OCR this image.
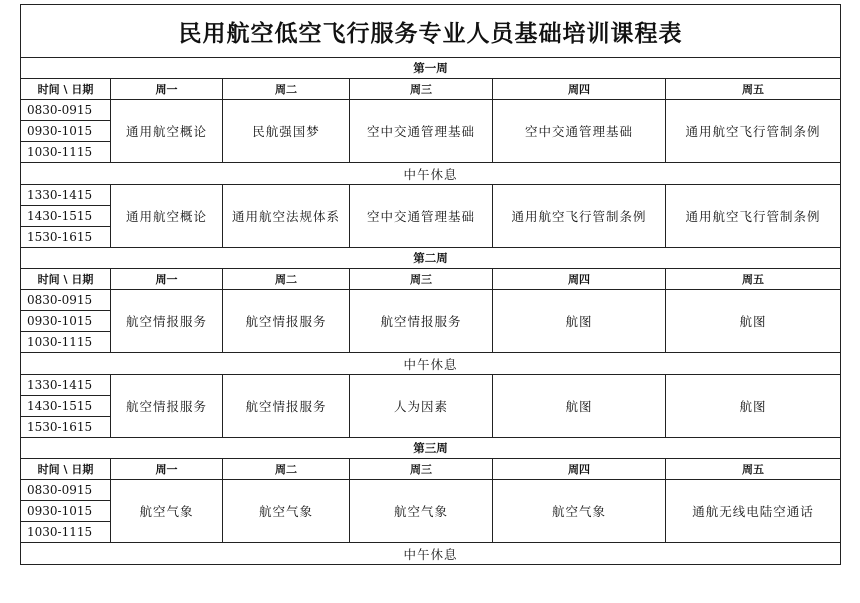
民用航空低空飞行服务专业人员基础培训课程表					
第一周					
时间 \ 日期	周一	周二	周三	周四	周五
0830-0915	通用航空概论	民航强国梦	空中交通管理基础	空中交通管理基础	通用航空飞行管制条例
0930-1015					
1030-1115					
中午休息					
1330-1415	通用航空概论	通用航空法规体系	空中交通管理基础	通用航空飞行管制条例	通用航空飞行管制条例
1430-1515					
1530-1615					
第二周					
时间 \ 日期	周一	周二	周三	周四	周五
0830-0915	航空情报服务	航空情报服务	航空情报服务	航图	航图
0930-1015					
1030-1115					
中午休息					
1330-1415	航空情报服务	航空情报服务	人为因素	航图	航图
1430-1515					
1530-1615					
第三周					
时间 \ 日期	周一	周二	周三	周四	周五
0830-0915	航空气象	航空气象	航空气象	航空气象	通航无线电陆空通话
0930-1015					
1030-1115					
中午休息					
